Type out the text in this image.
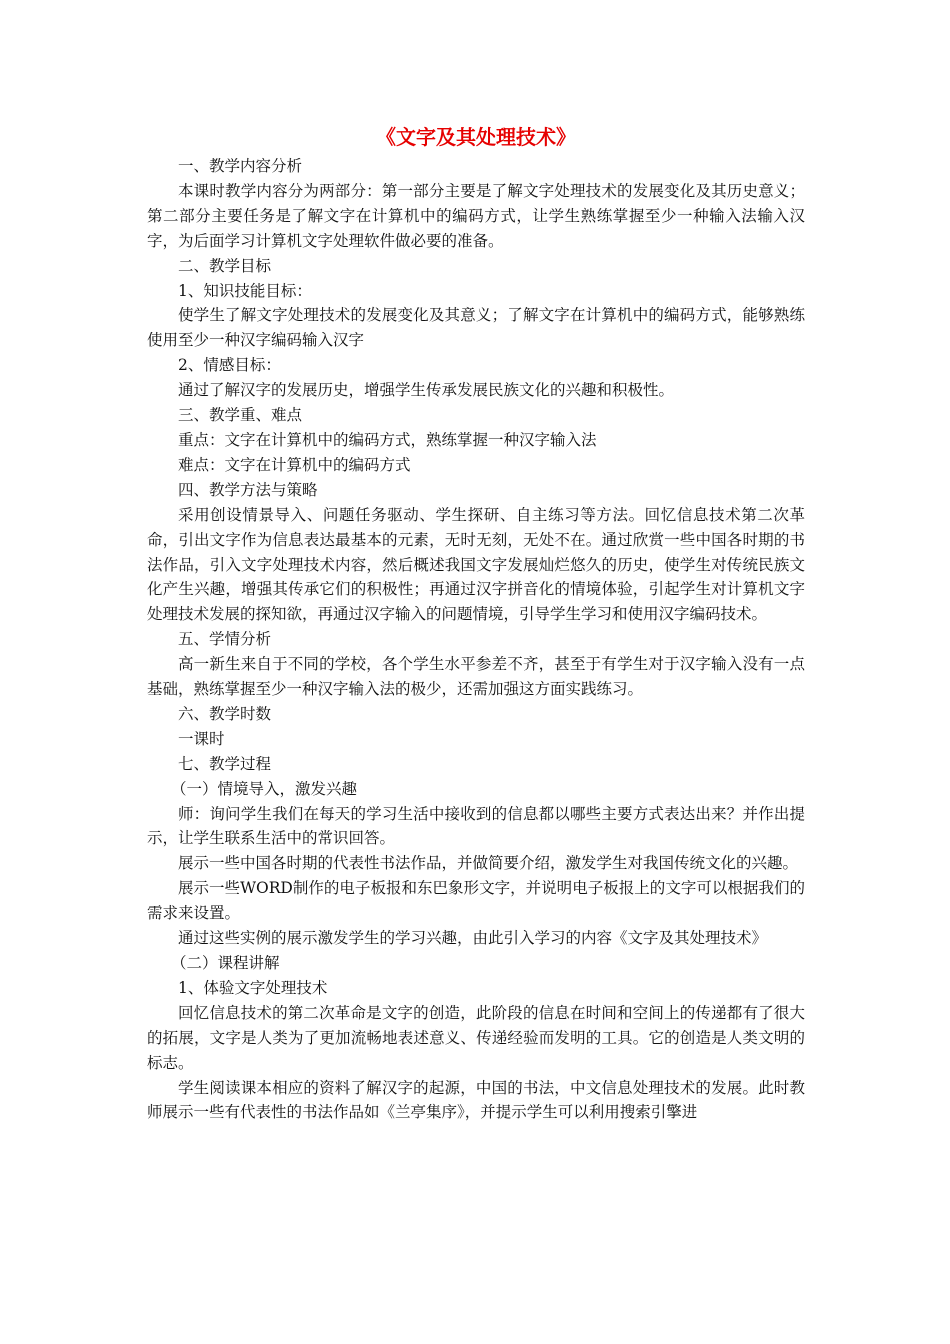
《文字及其处理技术》

一、教学内容分析

本课时教学内容分为两部分：第一部分主要是了解文字处理技术的发展变化及其历史意义；第二部分主要任务是了解文字在计算机中的编码方式，让学生熟练掌握至少一种输入法输入汉字，为后面学习计算机文字处理软件做必要的准备。

二、教学目标

1、知识技能目标：

使学生了解文字处理技术的发展变化及其意义；了解文字在计算机中的编码方式，能够熟练使用至少一种汉字编码输入汉字

2、情感目标：

通过了解汉字的发展历史，增强学生传承发展民族文化的兴趣和积极性。

三、教学重、难点

重点：文字在计算机中的编码方式，熟练掌握一种汉字输入法

难点：文字在计算机中的编码方式

四、教学方法与策略

采用创设情景导入、问题任务驱动、学生探研、自主练习等方法。回忆信息技术第二次革命，引出文字作为信息表达最基本的元素，无时无刻，无处不在。通过欣赏一些中国各时期的书法作品，引入文字处理技术内容，然后概述我国文字发展灿烂悠久的历史，使学生对传统民族文化产生兴趣，增强其传承它们的积极性；再通过汉字拼音化的情境体验，引起学生对计算机文字处理技术发展的探知欲，再通过汉字输入的问题情境，引导学生学习和使用汉字编码技术。

五、学情分析

高一新生来自于不同的学校，各个学生水平参差不齐，甚至于有学生对于汉字输入没有一点基础，熟练掌握至少一种汉字输入法的极少，还需加强这方面实践练习。

六、教学时数

一课时

七、教学过程

（一）情境导入，激发兴趣

师：询问学生我们在每天的学习生活中接收到的信息都以哪些主要方式表达出来？并作出提示，让学生联系生活中的常识回答。

展示一些中国各时期的代表性书法作品，并做简要介绍，激发学生对我国传统文化的兴趣。

展示一些WORD制作的电子板报和东巴象形文字，并说明电子板报上的文字可以根据我们的需求来设置。

通过这些实例的展示激发学生的学习兴趣，由此引入学习的内容《文字及其处理技术》

（二）课程讲解

1、体验文字处理技术

回忆信息技术的第二次革命是文字的创造，此阶段的信息在时间和空间上的传递都有了很大的拓展，文字是人类为了更加流畅地表述意义、传递经验而发明的工具。它的创造是人类文明的标志。

学生阅读课本相应的资料了解汉字的起源，中国的书法，中文信息处理技术的发展。此时教师展示一些有代表性的书法作品如《兰亭集序》，并提示学生可以利用搜索引擎进
